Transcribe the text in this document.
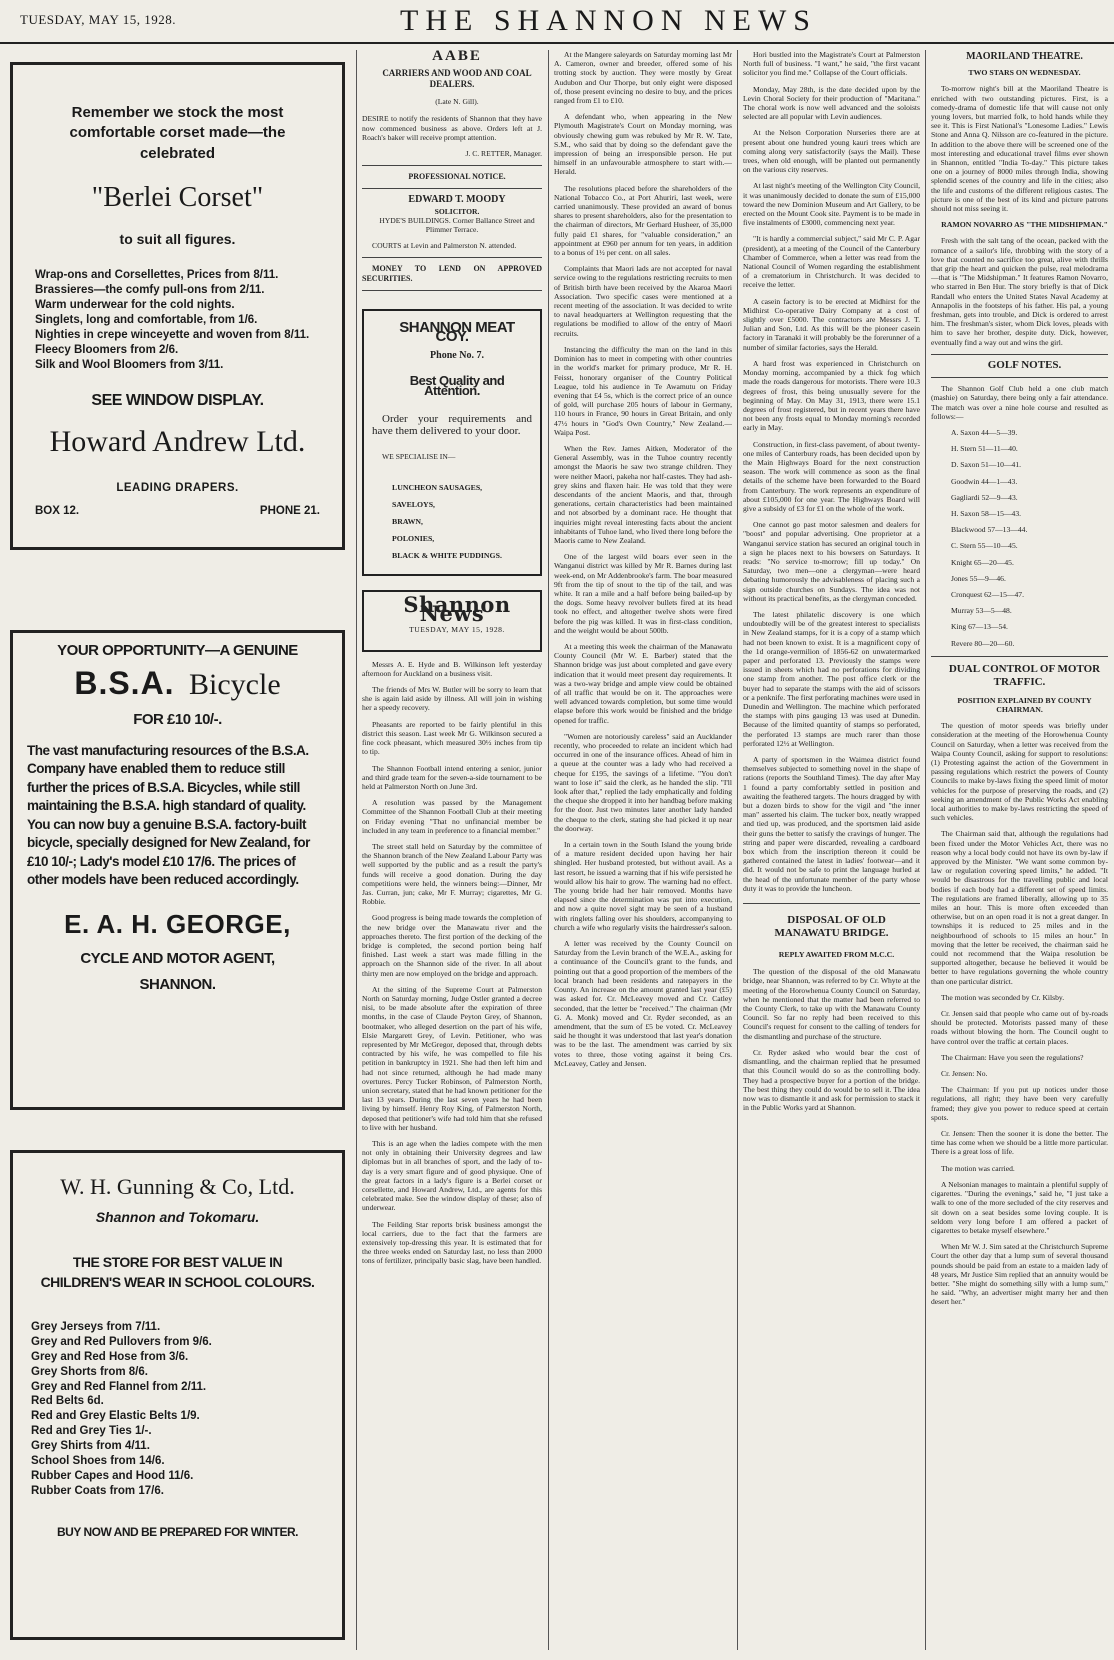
TUESDAY, MAY 15, 1928.	THE SHANNON NEWS

Remember we stock the most comfortable corset made—the celebrated

"Berlei Corset"

to suit all figures.

Wrap-ons and Corsellettes, Prices from 8/11.

Brassieres—the comfy pull-ons from 2/11.

Warm underwear for the cold nights.

Singlets, long and comfortable, from 1/6.

Nighties in crepe winceyette and woven from 8/11.

Fleecy Bloomers from 2/6.

Silk and Wool Bloomers from 3/11.

SEE WINDOW DISPLAY.

Howard Andrew Ltd.

LEADING DRAPERS.

BOX 12.	PHONE 21.

YOUR OPPORTUNITY—A GENUINE

B.S.A. Bicycle

FOR £10 10/-.

The vast manufacturing resources of the B.S.A. Company have enabled them to reduce still further the prices of B.S.A. Bicycles, while still maintaining the B.S.A. high standard of quality. You can now buy a genuine B.S.A. factory-built bicycle, specially designed for New Zealand, for £10 10/-; Lady's model £10 17/6. The prices of other models have been reduced accordingly.

E. A. H. GEORGE,

CYCLE AND MOTOR AGENT,

SHANNON.

W. H. Gunning & Co, Ltd.

Shannon and Tokomaru.

THE STORE FOR BEST VALUE IN CHILDREN'S WEAR IN SCHOOL COLOURS.

Grey Jerseys from 7/11.

Grey and Red Pullovers from 9/6.

Grey and Red Hose from 3/6.

Grey Shorts from 8/6.

Grey and Red Flannel from 2/11.

Red Belts 6d.

Red and Grey Elastic Belts 1/9.

Red and Grey Ties 1/-.

Grey Shirts from 4/11.

School Shoes from 14/6.

Rubber Capes and Hood 11/6.

Rubber Coats from 17/6.

BUY NOW AND BE PREPARED FOR WINTER.

AABE

CARRIERS AND WOOD AND COAL DEALERS.

(Late N. Gill).

DESIRE to notify the residents of Shannon that they have now commenced business as above. Orders left at J. Roach's baker will receive prompt attention.

J. C. RETTER, Manager.

PROFESSIONAL NOTICE.

EDWARD T. MOODY

SOLICITOR.

HYDE'S BUILDINGS. Corner Ballance Street and Plimmer Terrace.

COURTS at Levin and Palmerston N. attended.

MONEY TO LEND ON APPROVED SECURITIES.

SHANNON MEAT COY.

Phone No. 7.

Best Quality and Attention.

Order your requirements and have them delivered to your door.

WE SPECIALISE IN—

LUNCHEON SAUSAGES,

SAVELOYS,

BRAWN,

POLONIES,

BLACK & WHITE PUDDINGS.

Shannon News

TUESDAY, MAY 15, 1928.

Messrs A. E. Hyde and B. Wilkinson left yesterday afternoon for Auckland on a business visit.

The friends of Mrs W. Butler will be sorry to learn that she is again laid aside by illness. All will join in wishing her a speedy recovery.

Pheasants are reported to be fairly plentiful in this district this season. Last week Mr G. Wilkinson secured a fine cock pheasant, which measured 30½ inches from tip to tip.

The Shannon Football intend entering a senior, junior and third grade team for the seven-a-side tournament to be held at Palmerston North on June 3rd.

A resolution was passed by the Management Committee of the Shannon Football Club at their meeting on Friday evening "That no unfinancial member be included in any team in preference to a financial member."

The street stall held on Saturday by the committee of the Shannon branch of the New Zealand Labour Party was well supported by the public and as a result the party's funds will receive a good donation. During the day competitions were held, the winners being:—Dinner, Mr Jas. Curran, jun; cake, Mr F. Murray; cigarettes, Mr G. Robbie.

Good progress is being made towards the completion of the new bridge over the Manawatu river and the approaches thereto. The first portion of the decking of the bridge is completed, the second portion being half finished. Last week a start was made filling in the approach on the Shannon side of the river. In all about thirty men are now employed on the bridge and approach.

At the sitting of the Supreme Court at Palmerston North on Saturday morning, Judge Ostler granted a decree nisi, to be made absolute after the expiration of three months, in the case of Claude Peyton Grey, of Shannon, bootmaker, who alleged desertion on the part of his wife, Elsie Margarett Grey, of Levin. Petitioner, who was represented by Mr McGregor, deposed that, through debts contracted by his wife, he was compelled to file his petition in bankruptcy in 1921. She had then left him and had not since returned, although he had made many overtures. Percy Tucker Robinson, of Palmerston North, union secretary, stated that he had known petitioner for the last 13 years. During the last seven years he had been living by himself. Henry Roy King, of Palmerston North, deposed that petitioner's wife had told him that she refused to live with her husband.

This is an age when the ladies compete with the men not only in obtaining their University degrees and law diplomas but in all branches of sport, and the lady of to-day is a very smart figure and of good physique. One of the great factors in a lady's figure is a Berlei corset or corsellette, and Howard Andrew, Ltd., are agents for this celebrated make. See the window display of these; also of underwear.

The Feilding Star reports brisk business amongst the local carriers, due to the fact that the farmers are extensively top-dressing this year. It is estimated that for the three weeks ended on Saturday last, no less than 2000 tons of fertilizer, principally basic slag, have been handled.

At the Mangere saleyards on Saturday morning last Mr A. Cameron, owner and breeder, offered some of his trotting stock by auction. They were mostly by Great Audubon and Our Thorpe, but only eight were disposed of, those present evincing no desire to buy, and the prices ranged from £1 to £10.

A defendant who, when appearing in the New Plymouth Magistrate's Court on Monday morning, was obviously chewing gum was rebuked by Mr R. W. Tate, S.M., who said that by doing so the defendant gave the impression of being an irresponsible person. He put himself in an unfavourable atmosphere to start with.—Herald.

The resolutions placed before the shareholders of the National Tobacco Co., at Port Ahuriri, last week, were carried unanimously. These provided an award of bonus shares to present shareholders, also for the presentation to the chairman of directors, Mr Gerhard Husheer, of 35,000 fully paid £1 shares, for "valuable consideration," an appointment at £960 per annum for ten years, in addition to a bonus of 1½ per cent. on all sales.

Complaints that Maori lads are not accepted for naval service owing to the regulations restricting recruits to men of British birth have been received by the Akaroa Maori Association. Two specific cases were mentioned at a recent meeting of the association. It was decided to write to naval headquarters at Wellington requesting that the regulations be modified to allow of the entry of Maori recruits.

Instancing the difficulty the man on the land in this Dominion has to meet in competing with other countries in the world's market for primary produce, Mr R. H. Feisst, honorary organiser of the Country Political League, told his audience in Te Awamutu on Friday evening that £4 5s, which is the correct price of an ounce of gold, will purchase 205 hours of labour in Germany, 110 hours in France, 90 hours in Great Britain, and only 47½ hours in "God's Own Country," New Zealand.—Waipa Post.

When the Rev. James Aitken, Moderator of the General Assembly, was in the Tuhoe country recently amongst the Maoris he saw two strange children. They were neither Maori, pakeha nor half-castes. They had ash-grey skins and flaxen hair. He was told that they were descendants of the ancient Maoris, and that, through generations, certain characteristics had been maintained and not absorbed by a dominant race. He thought that inquiries might reveal interesting facts about the ancient inhabitants of Tuhoe land, who lived there long before the Maoris came to New Zealand.

One of the largest wild boars ever seen in the Wanganui district was killed by Mr R. Barnes during last week-end, on Mr Addenbrooke's farm. The boar measured 9ft from the tip of snout to the tip of the tail, and was white. It ran a mile and a half before being bailed-up by the dogs. Some heavy revolver bullets fired at its head took no effect, and altogether twelve shots were fired before the pig was killed. It was in first-class condition, and the weight would be about 500lb.

At a meeting this week the chairman of the Manawatu County Council (Mr W. E. Barber) stated that the Shannon bridge was just about completed and gave every indication that it would meet present day requirements. It was a two-way bridge and ample view could be obtained of all traffic that would be on it. The approaches were well advanced towards completion, but some time would elapse before this work would be finished and the bridge opened for traffic.

"Women are notoriously careless" said an Aucklander recently, who proceeded to relate an incident which had occurred in one of the insurance offices. Ahead of him in a queue at the counter was a lady who had received a cheque for £195, the savings of a lifetime. "You don't want to lose it" said the clerk, as he handed the slip. "I'll look after that," replied the lady emphatically and folding the cheque she dropped it into her handbag before making for the door. Just two minutes later another lady handed the cheque to the clerk, stating she had picked it up near the doorway.

In a certain town in the South Island the young bride of a mature resident decided upon having her hair shingled. Her husband protested, but without avail. As a last resort, he issued a warning that if his wife persisted he would allow his hair to grow. The warning had no effect. The young bride had her hair removed. Months have elapsed since the determination was put into execution, and now a quite novel sight may be seen of a husband with ringlets falling over his shoulders, accompanying to church a wife who regularly visits the hairdresser's saloon.

A letter was received by the County Council on Saturday from the Levin branch of the W.E.A., asking for a continuance of the Council's grant to the funds, and pointing out that a good proportion of the members of the local branch had been residents and ratepayers in the County. An increase on the amount granted last year (£5) was asked for. Cr. McLeavey moved and Cr. Catley seconded, that the letter be "received." The chairman (Mr G. A. Monk) moved and Cr. Ryder seconded, as an amendment, that the sum of £5 be voted. Cr. McLeavey said he thought it was understood that last year's donation was to be the last. The amendment was carried by six votes to three, those voting against it being Crs. McLeavey, Catley and Jensen.

Hori bustled into the Magistrate's Court at Palmerston North full of business. "I want," he said, "the first vacant solicitor you find me." Collapse of the Court officials.

Monday, May 28th, is the date decided upon by the Levin Choral Society for their production of "Maritana." The choral work is now well advanced and the soloists selected are all popular with Levin audiences.

At the Nelson Corporation Nurseries there are at present about one hundred young kauri trees which are coming along very satisfactorily (says the Mail). These trees, when old enough, will be planted out permanently on the various city reserves.

At last night's meeting of the Wellington City Council, it was unanimously decided to donate the sum of £15,000 toward the new Dominion Museum and Art Gallery, to be erected on the Mount Cook site. Payment is to be made in five instalments of £3000, commencing next year.

"It is hardly a commercial subject," said Mr C. P. Agar (president), at a meeting of the Council of the Canterbury Chamber of Commerce, when a letter was read from the National Council of Women regarding the establishment of a crematorium in Christchurch. It was decided to receive the letter.

A casein factory is to be erected at Midhirst for the Midhirst Co-operative Dairy Company at a cost of slightly over £5000. The contractors are Messrs J. T. Julian and Son, Ltd. As this will be the pioneer casein factory in Taranaki it will probably be the forerunner of a number of similar factories, says the Herald.

A hard frost was experienced in Christchurch on Monday morning, accompanied by a thick fog which made the roads dangerous for motorists. There were 10.3 degrees of frost, this being unusually severe for the beginning of May. On May 31, 1913, there were 15.1 degrees of frost registered, but in recent years there have not been any frosts equal to Monday morning's recorded early in May.

Construction, in first-class pavement, of about twenty-one miles of Canterbury roads, has been decided upon by the Main Highways Board for the next construction season. The work will commence as soon as the final details of the scheme have been forwarded to the Board from Canterbury. The work represents an expenditure of about £105,000 for one year. The Highways Board will give a subsidy of £3 for £1 on the whole of the work.

One cannot go past motor salesmen and dealers for "boost" and popular advertising. One proprietor at a Wanganui service station has secured an original touch in a sign he places next to his bowsers on Saturdays. It reads: "No service to-morrow; fill up today." On Saturday, two men—one a clergyman—were heard debating humorously the advisableness of placing such a sign outside churches on Sundays. The idea was not without its practical benefits, as the clergyman conceded.

The latest philatelic discovery is one which undoubtedly will be of the greatest interest to specialists in New Zealand stamps, for it is a copy of a stamp which had not been known to exist. It is a magnificent copy of the 1d orange-vermilion of 1856-62 on unwatermarked paper and perforated 13. Previously the stamps were issued in sheets which had no perforations for dividing one stamp from another. The post office clerk or the buyer had to separate the stamps with the aid of scissors or a penknife. The first perforating machines were used in Dunedin and Wellington. The machine which perforated the stamps with pins gauging 13 was used at Dunedin. Because of the limited quantity of stamps so perforated, the perforated 13 stamps are much rarer than those perforated 12½ at Wellington.

A party of sportsmen in the Waimea district found themselves subjected to something novel in the shape of rations (reports the Southland Times). The day after May 1 found a party comfortably settled in position and awaiting the feathered targets. The hours dragged by with but a dozen birds to show for the vigil and "the inner man" asserted his claim. The tucker box, neatly wrapped and tied up, was produced, and the sportsmen laid aside their guns the better to satisfy the cravings of hunger. The string and paper were discarded, revealing a cardboard box which from the inscription thereon it could be gathered contained the latest in ladies' footwear—and it did. It would not be safe to print the language hurled at the head of the unfortunate member of the party whose duty it was to provide the luncheon.

DISPOSAL OF OLD MANAWATU BRIDGE.

REPLY AWAITED FROM M.C.C.

The question of the disposal of the old Manawatu bridge, near Shannon, was referred to by Cr. Whyte at the meeting of the Horowhenua County Council on Saturday, when he mentioned that the matter had been referred to the County Clerk, to take up with the Manawatu County Council. So far no reply had been received to this Council's request for consent to the calling of tenders for the dismantling and purchase of the structure.

Cr. Ryder asked who would bear the cost of dismantling, and the chairman replied that he presumed that this Council would do so as the controlling body. They had a prospective buyer for a portion of the bridge. The best thing they could do would be to sell it. The idea now was to dismantle it and ask for permission to stack it in the Public Works yard at Shannon.

MAORILAND THEATRE.

TWO STARS ON WEDNESDAY.

To-morrow night's bill at the Maoriland Theatre is enriched with two outstanding pictures. First, is a comedy-drama of domestic life that will cause not only young lovers, but married folk, to hold hands while they see it. This is First National's "Lonesome Ladies." Lewis Stone and Anna Q. Nilsson are co-featured in the picture. In addition to the above there will be screened one of the most interesting and educational travel films ever shown in Shannon, entitled "India To-day." This picture takes one on a journey of 8000 miles through India, showing splendid scenes of the country and life in the cities; also the life and customs of the different religious castes. The picture is one of the best of its kind and picture patrons should not miss seeing it.

RAMON NOVARRO AS "THE MIDSHIPMAN."

Fresh with the salt tang of the ocean, packed with the romance of a sailor's life, throbbing with the story of a love that counted no sacrifice too great, alive with thrills that grip the heart and quicken the pulse, real melodrama—that is "The Midshipman." It features Ramon Novarro, who starred in Ben Hur. The story briefly is that of Dick Randall who enters the United States Naval Academy at Annapolis in the footsteps of his father. His pal, a young freshman, gets into trouble, and Dick is ordered to arrest him. The freshman's sister, whom Dick loves, pleads with him to save her brother, despite duty. Dick, however, eventually find a way out and wins the girl.

GOLF NOTES.

The Shannon Golf Club held a one club match (mashie) on Saturday, there being only a fair attendance. The match was over a nine hole course and resulted as follows:—

A. Saxon 44—5—39.

H. Stern 51—11—40.

D. Saxon 51—10—41.

Goodwin 44—1—43.

Gagliardi 52—9—43.

H. Saxon 58—15—43.

Blackwood 57—13—44.

C. Stern 55—10—45.

Knight 65—20—45.

Jones 55—9—46.

Cronquest 62—15—47.

Murray 53—5—48.

King 67—13—54.

Revere 80—20—60.

DUAL CONTROL OF MOTOR TRAFFIC.

POSITION EXPLAINED BY COUNTY CHAIRMAN.

The question of motor speeds was briefly under consideration at the meeting of the Horowhenua County Council on Saturday, when a letter was received from the Waipa County Council, asking for support to resolutions: (1) Protesting against the action of the Government in passing regulations which restrict the powers of County Councils to make by-laws fixing the speed limit of motor vehicles for the purpose of preserving the roads, and (2) seeking an amendment of the Public Works Act enabling local authorities to make by-laws restricting the speed of such vehicles.

The Chairman said that, although the regulations had been fixed under the Motor Vehicles Act, there was no reason why a local body could not have its own by-law if approved by the Minister. "We want some common by-law or regulation covering speed limits," he added. "It would be disastrous for the travelling public and local bodies if each body had a different set of speed limits. The regulations are framed liberally, allowing up to 35 miles an hour. This is more often exceeded than otherwise, but on an open road it is not a great danger. In townships it is reduced to 25 miles and in the neighbourhood of schools to 15 miles an hour." In moving that the letter be received, the chairman said he could not recommend that the Waipa resolution be supported altogether, because he believed it would be better to have regulations governing the whole country than one particular district.

The motion was seconded by Cr. Kilsby.

Cr. Jensen said that people who came out of by-roads should be protected. Motorists passed many of these roads without blowing the horn. The Council ought to have control over the traffic at certain places.

The Chairman: Have you seen the regulations?

Cr. Jensen: No.

The Chairman: If you put up notices under those regulations, all right; they have been very carefully framed; they give you power to reduce speed at certain spots.

Cr. Jensen: Then the sooner it is done the better. The time has come when we should be a little more particular. There is a great loss of life.

The motion was carried.

A Nelsonian manages to maintain a plentiful supply of cigarettes. "During the evenings," said he, "I just take a walk to one of the more secluded of the city reserves and sit down on a seat besides some loving couple. It is seldom very long before I am offered a packet of cigarettes to betake myself elsewhere."

When Mr W. J. Sim sated at the Christchurch Supreme Court the other day that a lump sum of several thousand pounds should be paid from an estate to a maiden lady of 48 years, Mr Justice Sim replied that an annuity would be better. "She might do something silly with a lump sum," he said. "Why, an advertiser might marry her and then desert her."
